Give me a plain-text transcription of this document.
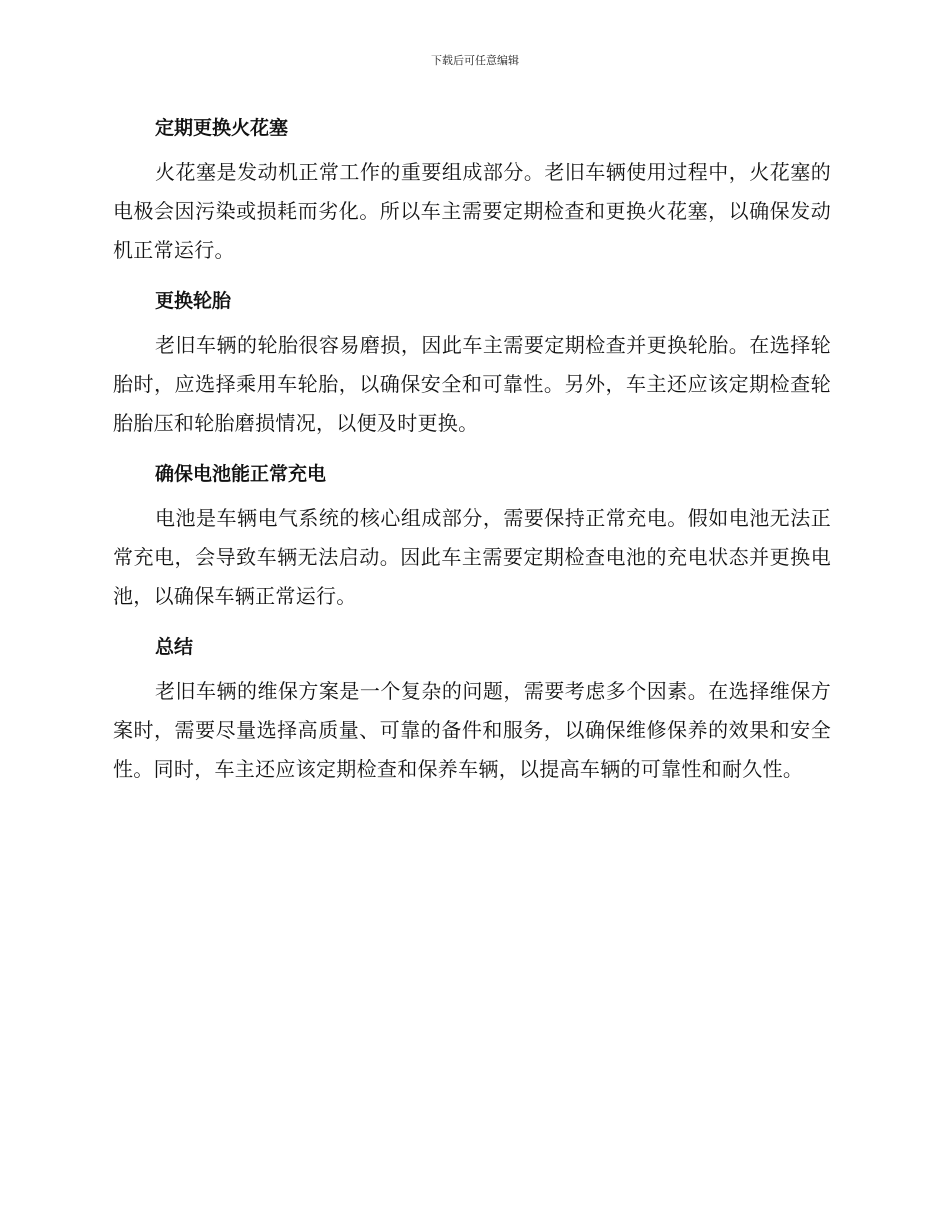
下载后可任意编辑
定期更换火花塞

火花塞是发动机正常工作的重要组成部分。老旧车辆使用过程中，火花塞的电极会因污染或损耗而劣化。所以车主需要定期检查和更换火花塞，以确保发动机正常运行。

更换轮胎

老旧车辆的轮胎很容易磨损，因此车主需要定期检查并更换轮胎。在选择轮胎时，应选择乘用车轮胎，以确保安全和可靠性。另外，车主还应该定期检查轮胎胎压和轮胎磨损情况，以便及时更换。

确保电池能正常充电

电池是车辆电气系统的核心组成部分，需要保持正常充电。假如电池无法正常充电，会导致车辆无法启动。因此车主需要定期检查电池的充电状态并更换电池，以确保车辆正常运行。

总结

老旧车辆的维保方案是一个复杂的问题，需要考虑多个因素。在选择维保方案时，需要尽量选择高质量、可靠的备件和服务，以确保维修保养的效果和安全性。同时，车主还应该定期检查和保养车辆，以提高车辆的可靠性和耐久性。
